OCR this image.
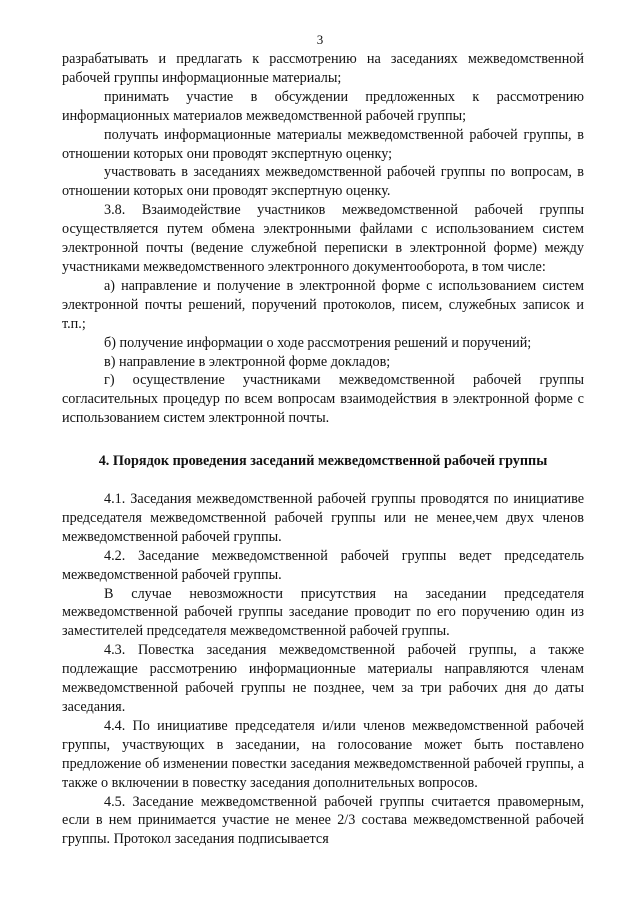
3

разрабатывать и предлагать к рассмотрению на заседаниях межведомственной рабочей группы информационные материалы;

принимать участие в обсуждении предложенных к рассмотрению информационных материалов межведомственной рабочей группы;

получать информационные материалы межведомственной рабочей группы, в отношении которых они проводят экспертную оценку;

участвовать в заседаниях межведомственной рабочей группы по вопросам, в отношении которых они проводят экспертную оценку.

3.8. Взаимодействие участников межведомственной рабочей группы осуществляется путем обмена электронными файлами с использованием систем электронной почты (ведение служебной переписки в электронной форме) между участниками межведомственного электронного документооборота, в том числе:

а) направление и получение в электронной форме с использованием систем электронной почты решений, поручений протоколов, писем, служебных записок и т.п.;

б) получение информации о ходе рассмотрения решений и поручений;

в) направление в электронной форме докладов;

г) осуществление участниками межведомственной рабочей группы согласительных процедур по всем вопросам взаимодействия в электронной форме с использованием систем электронной почты.

4. Порядок проведения заседаний межведомственной рабочей группы

4.1. Заседания межведомственной рабочей группы проводятся по инициативе председателя межведомственной рабочей группы или не менее,чем двух членов межведомственной рабочей группы.

4.2. Заседание межведомственной рабочей группы ведет председатель межведомственной рабочей группы.

В случае невозможности присутствия на заседании председателя межведомственной рабочей группы заседание проводит по его поручению один из заместителей председателя межведомственной рабочей группы.

4.3. Повестка заседания межведомственной рабочей группы, а также подлежащие рассмотрению информационные материалы направляются членам межведомственной рабочей группы не позднее, чем за три рабочих дня до даты заседания.

4.4. По инициативе председателя и/или членов межведомственной рабочей группы, участвующих в заседании, на голосование может быть поставлено предложение об изменении повестки заседания межведомственной рабочей группы, а также о включении в повестку заседания дополнительных вопросов.

4.5. Заседание межведомственной рабочей группы считается правомерным, если в нем принимается участие не менее 2/3 состава межведомственной рабочей группы. Протокол заседания подписывается
